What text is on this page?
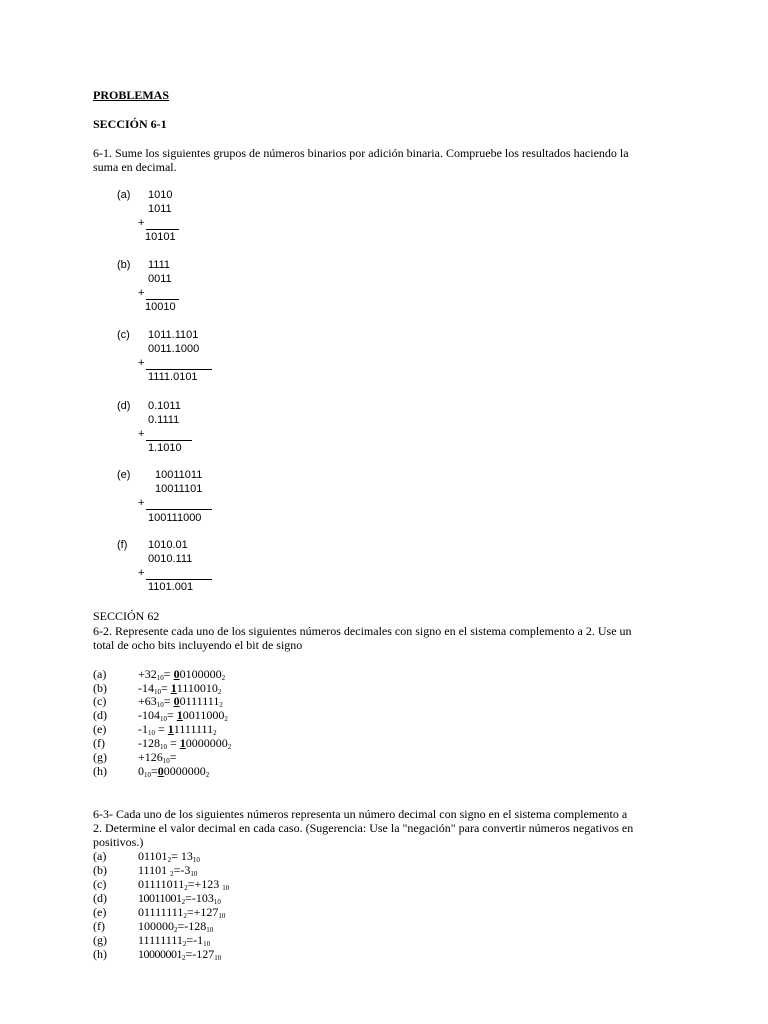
PROBLEMAS
SECCIÓN 6-1
6-1. Sume los siguientes grupos de números binarios por adición binaria. Compruebe los resultados haciendo la
suma en decimal.
(a) 1010
1011
+
10101
(b) 1111
0011
+
10010
(c) 1011.1101
0011.1000
+
1111.0101
(d) 0.1011
0.1111
+
1.1010
(e) 10011011
10011101
+
100111000
(f) 1010.01
0010.111
+
1101.001
SECCIÓN 62
6-2. Represente cada uno de los siguientes números decimales con signo en el sistema complemento a 2. Use un
total de ocho bits incluyendo el bit de signo
(a)	$+32_{10}= 00100000_2$
(b)	$-14_{10}= 11110010_2$
(c)	$+63_{10}= 00111111_2$
(d)	$-104_{10}= 10011000_2$
(e)	$-1_{10} = 11111111_2$
(f)	$-128_{10} = 10000000_2$
(g)	$+126_{10}=$
(h)	$0_{10}=00000000_2$
6-3- Cada uno de los siguientes números representa un número decimal con signo en el sistema complemento a
2. Determine el valor decimal en cada caso. (Sugerencia: Use la "negación" para convertir números negativos en
positivos.)
(a)	$01101_2= 13_{10}$
(b)	11101 $_2=-3_{10}$
(c)	$01111011_2=+123$ $_{10}$
(d)	$10011001_2=-103_{10}$
(e)	$01111111_2=+127_{10}$
(f)	$100000_2=-128_{10}$
(g)	$11111111_2=-1_{10}$
(h)	$10000001_2=-127_{10}$
